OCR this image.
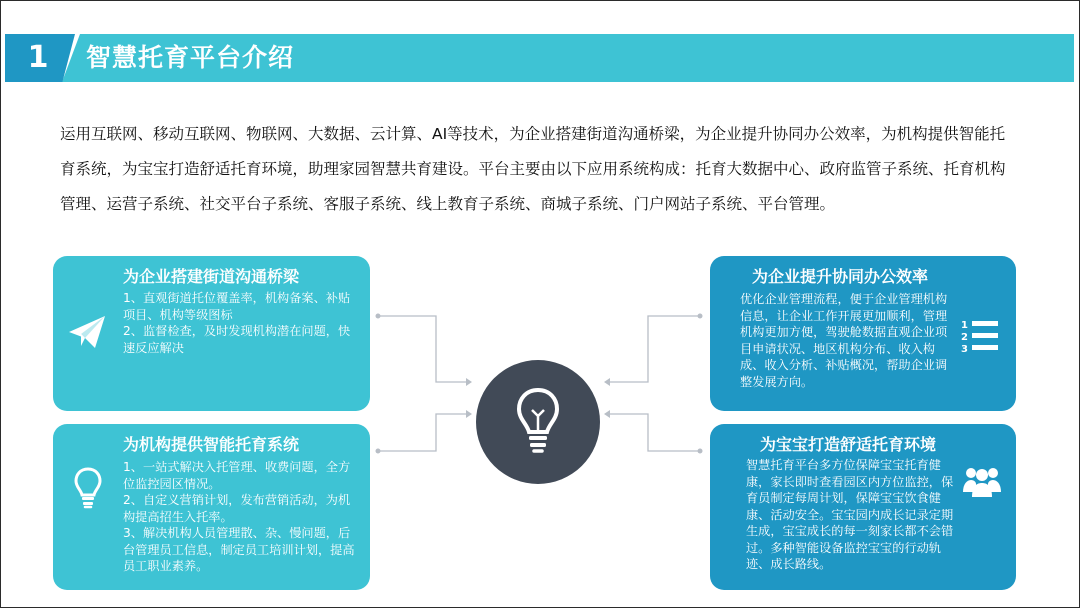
1	智慧托育平台介绍

运用互联网、移动互联网、物联网、大数据、云计算、AI等技术，为企业搭建街道沟通桥梁，为企业提升协同办公效率，为机构提供智能托育系统，为宝宝打造舒适托育环境，助理家园智慧共育建设。平台主要由以下应用系统构成：托育大数据中心、政府监管子系统、托育机构管理、运营子系统、社交平台子系统、客服子系统、线上教育子系统、商城子系统、门户网站子系统、平台管理。

为企业搭建街道沟通桥梁

1、直观街道托位覆盖率，机构备案、补贴项目、机构等级图标

2、监督检查，及时发现机构潜在问题，快速反应解决

为机构提供智能托育系统

1、一站式解决入托管理、收费问题，全方位监控园区情况。

2、自定义营销计划，发布营销活动，为机构提高招生入托率。

3、解决机构人员管理散、杂、慢问题，后台管理员工信息，制定员工培训计划，提高员工职业素养。

为企业提升协同办公效率

优化企业管理流程，便于企业管理机构信息，让企业工作开展更加顺利，管理机构更加方便，驾驶舱数据直观企业项目申请状况、地区机构分布、收入构成、收入分析、补贴概况，帮助企业调整发展方向。

1
2
3
为宝宝打造舒适托育环境

智慧托育平台多方位保障宝宝托育健康，家长即时查看园区内方位监控，保育员制定每周计划，保障宝宝饮食健康、活动安全。宝宝园内成长记录定期生成，宝宝成长的每一刻家长都不会错过。多种智能设备监控宝宝的行动轨迹、成长路线。
